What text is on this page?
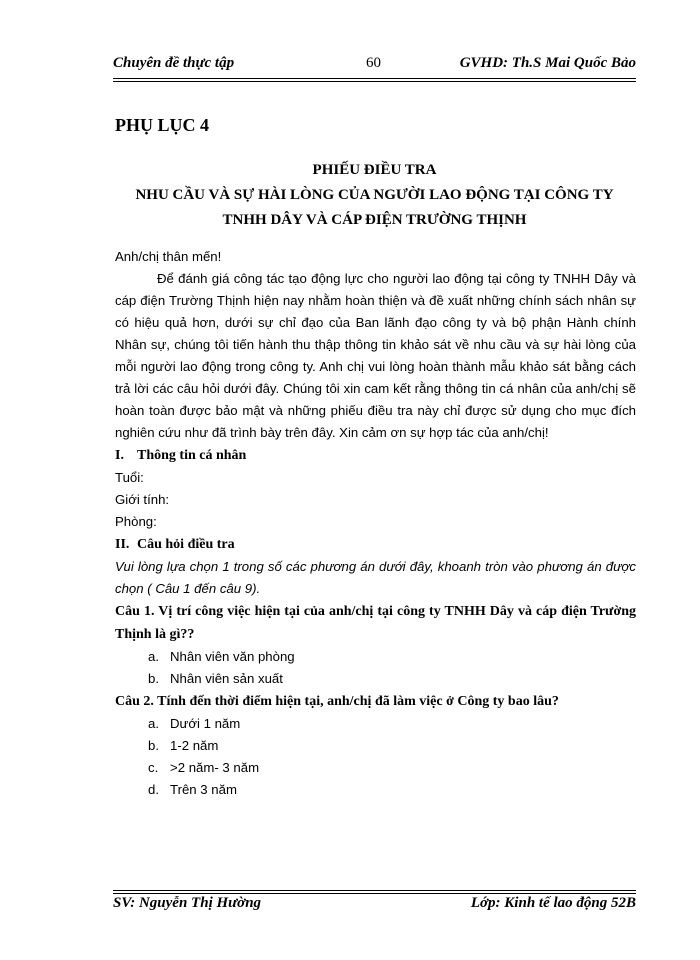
Chuyên đề thực tập	60	GVHD: Th.S Mai Quốc Bảo
PHỤ LỤC 4
PHIẾU ĐIỀU TRA
NHU CẦU VÀ SỰ HÀI LÒNG CỦA NGƯỜI LAO ĐỘNG TẠI CÔNG TY
TNHH DÂY VÀ CÁP ĐIỆN TRƯỜNG THỊNH

Anh/chị thân mến!

Để đánh giá công tác tạo động lực cho người lao động tại công ty TNHH Dây và cáp điện Trường Thịnh hiện nay nhằm hoàn thiện và đề xuất những chính sách nhân sự có hiệu quả hơn, dưới sự chỉ đạo của Ban lãnh đạo công ty và bộ phận Hành chính Nhân sự, chúng tôi tiến hành thu thập thông tin khảo sát về nhu cầu và sự hài lòng của mỗi người lao động trong công ty. Anh chị vui lòng hoàn thành mẫu khảo sát bằng cách trả lời các câu hỏi dưới đây. Chúng tôi xin cam kết rằng thông tin cá nhân của anh/chị sẽ hoàn toàn được bảo mật và những phiếu điều tra này chỉ được sử dụng cho mục đích nghiên cứu như đã trình bày trên đây. Xin cảm ơn sự hợp tác của anh/chị!

I. Thông tin cá nhân

Tuổi:

Giới tính:

Phòng:

II. Câu hỏi điều tra

Vui lòng lựa chọn 1 trong số các phương án dưới đây, khoanh tròn vào phương án được chọn ( Câu 1 đến câu 9).

Câu 1. Vị trí công việc hiện tại của anh/chị tại công ty TNHH Dây và cáp điện Trường Thịnh là gì??

a. Nhân viên văn phòng
b. Nhân viên sản xuất

Câu 2. Tính đến thời điểm hiện tại, anh/chị đã làm việc ở Công ty bao lâu?

a. Dưới 1 năm
b. 1-2 năm
c. >2 năm- 3 năm
d. Trên 3 năm
SV: Nguyễn Thị Hường	Lớp: Kinh tế lao động 52B
